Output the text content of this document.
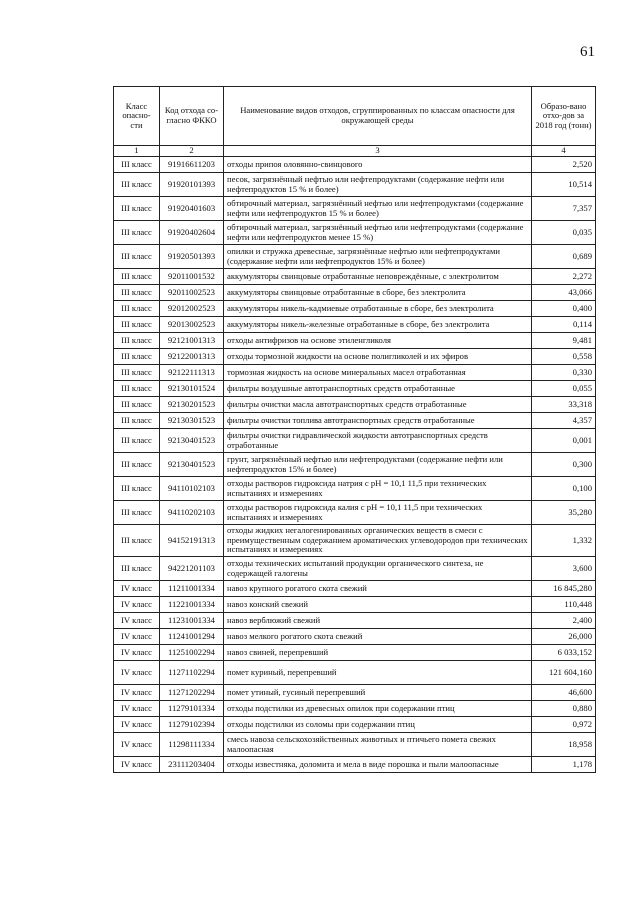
61
Класс опасно-сти	Код отхода со-гласно ФККО	Наименование видов отходов, сгруппированных по классам опасности для окружающей среды	Образо-вано отхо-дов за 2018 год (тонн)
1	2	3	4
III класс	91916611203	отходы припоя оловянно-свинцового	2,520
III класс	91920101393	песок, загрязнённый нефтью или нефтепродуктами (содержание нефти или нефтепродуктов 15 % и более)	10,514
III класс	91920401603	обтирочный материал, загрязнённый нефтью или нефтепродуктами (содержание нефти или нефтепродуктов 15 % и более)	7,357
III класс	91920402604	обтирочный материал, загрязнённый нефтью или нефтепродуктами (содержание нефти или нефтепродуктов менее 15 %)	0,035
III класс	91920501393	опилки и стружка древесные, загрязнённые нефтью или нефтепродуктами (содержание нефти или нефтепродуктов 15% и более)	0,689
III класс	92011001532	аккумуляторы свинцовые отработанные неповреждённые, с электролитом	2,272
III класс	92011002523	аккумуляторы свинцовые отработанные в сборе, без электролита	43,066
III класс	92012002523	аккумуляторы никель-кадмиевые отработанные в сборе, без электролита	0,400
III класс	92013002523	аккумуляторы никель-железные отработанные в сборе, без электролита	0,114
III класс	92121001313	отходы антифризов на основе этиленгликоля	9,481
III класс	92122001313	отходы тормозной жидкости на основе полигликолей и их эфиров	0,558
III класс	92122111313	тормозная жидкость на основе минеральных масел отработанная	0,330
III класс	92130101524	фильтры воздушные автотранспортных средств отработанные	0,055
III класс	92130201523	фильтры очистки масла автотранспортных средств отработанные	33,318
III класс	92130301523	фильтры очистки топлива автотранспортных средств отработанные	4,357
III класс	92130401523	фильтры очистки гидравлической жидкости автотранспортных средств отработанные	0,001
III класс	92130401523	грунт, загрязнённый нефтью или нефтепродуктами (содержание нефти или нефтепродуктов 15% и более)	0,300
III класс	94110102103	отходы растворов гидроксида натрия с pH = 10,1 11,5 при технических испытаниях и измерениях	0,100
III класс	94110202103	отходы растворов гидроксида калия с pH = 10,1 11,5 при технических испытаниях и измерениях	35,280
III класс	94152191313	отходы жидких негалогенированных органических веществ в смеси с преимущественным содержанием ароматических углеводородов при технических испытаниях и измерениях	1,332
III класс	94221201103	отходы технических испытаний продукции органического синтеза, не содержащей галогены	3,600
IV класс	11211001334	навоз крупного рогатого скота свежий	16 845,280
IV класс	11221001334	навоз конский свежий	110,448
IV класс	11231001334	навоз верблюжий свежий	2,400
IV класс	11241001294	навоз мелкого рогатого скота свежий	26,000
IV класс	11251002294	навоз свиней, перепревший	6 033,152
IV класс	11271102294	помет куриный, перепревший	121 604,160
IV класс	11271202294	помет утиный, гусиный перепревший	46,600
IV класс	11279101334	отходы подстилки из древесных опилок при содержании птиц	0,880
IV класс	11279102394	отходы подстилки из соломы при содержании птиц	0,972
IV класс	11298111334	смесь навоза сельскохозяйственных животных и птичьего помета свежих малоопасная	18,958
IV класс	23111203404	отходы известняка, доломита и мела в виде порошка и пыли малоопасные	1,178
